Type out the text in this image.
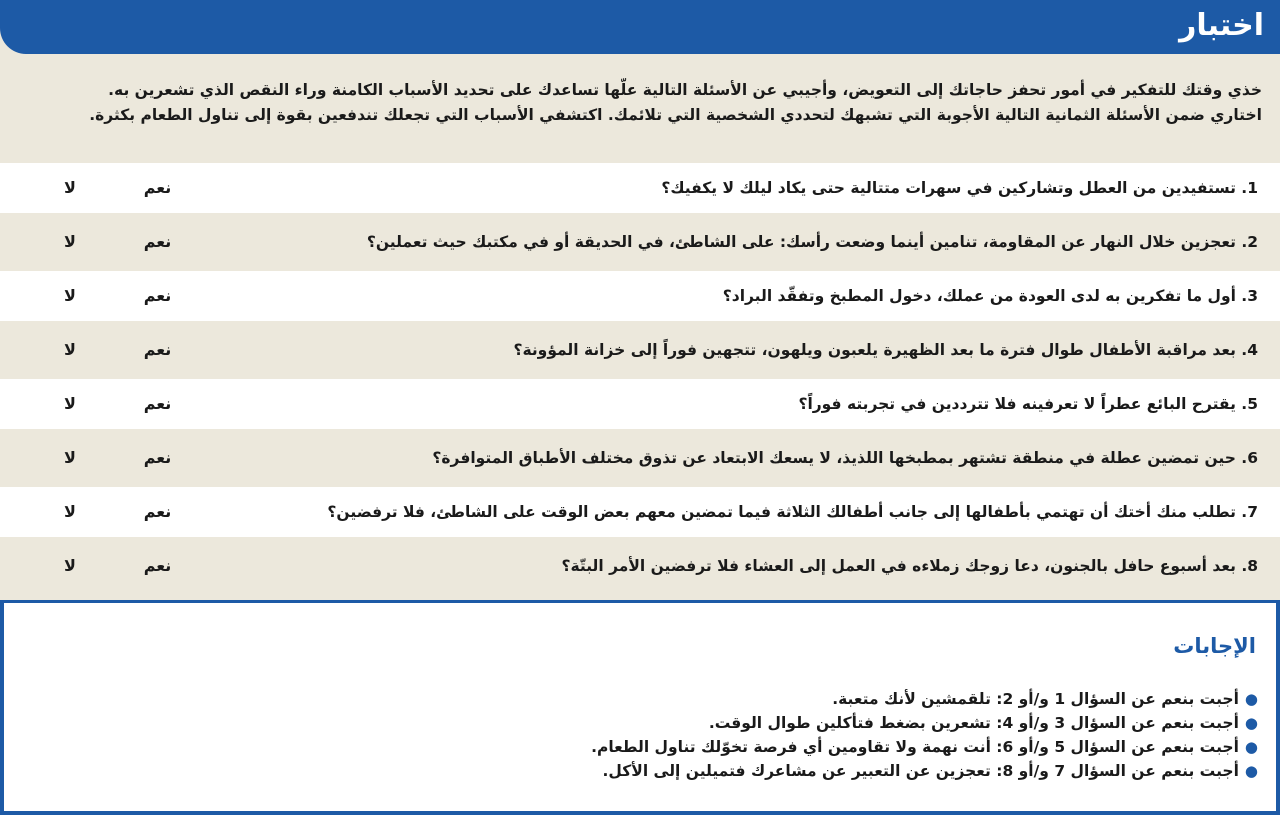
اختبار
خذي وقتك للتفكير في أمور تحفز حاجاتك إلى التعويض، وأجيبي عن الأسئلة التالية علّها تساعدك على تحديد الأسباب الكامنة وراء النقص الذي تشعرين به.
اختاري ضمن الأسئلة الثمانية التالية الأجوبة التي تشبهك لتحددي الشخصية التي تلائمك. اكتشفي الأسباب التي تجعلك تندفعين بقوة إلى تناول الطعام بكثرة.
1. تستفيدين من العطل وتشاركين في سهرات متتالية حتى يكاد ليلك لا يكفيك؟
نعم
لا
2. تعجزين خلال النهار عن المقاومة، تنامين أينما وضعت رأسك: على الشاطئ، في الحديقة أو في مكتبك حيث تعملين؟
نعم
لا
3. أول ما تفكرين به لدى العودة من عملك، دخول المطبخ وتفقّد البراد؟
نعم
لا
4. بعد مراقبة الأطفال طوال فترة ما بعد الظهيرة يلعبون ويلهون، تتجهين فوراً إلى خزانة المؤونة؟
نعم
لا
5. يقترح البائع عطراً لا تعرفينه فلا تترددين في تجربته فوراً؟
نعم
لا
6. حين تمضين عطلة في منطقة تشتهر بمطبخها اللذيذ، لا يسعك الابتعاد عن تذوق مختلف الأطباق المتوافرة؟
نعم
لا
7. تطلب منك أختك أن تهتمي بأطفالها إلى جانب أطفالك الثلاثة فيما تمضين معهم بعض الوقت على الشاطئ، فلا ترفضين؟
نعم
لا
8. بعد أسبوع حافل بالجنون، دعا زوجك زملاءه في العمل إلى العشاء فلا ترفضين الأمر البتّة؟
نعم
لا
الإجابات
●أجبت بنعم عن السؤال 1 و/أو 2: تلقمشين لأنك متعبة.
●أجبت بنعم عن السؤال 3 و/أو 4: تشعرين بضغط فتأكلين طوال الوقت.
●أجبت بنعم عن السؤال 5 و/أو 6: أنت نهمة ولا تقاومين أي فرصة تخوّلك تناول الطعام.
●أجبت بنعم عن السؤال 7 و/أو 8: تعجزين عن التعبير عن مشاعرك فتميلين إلى الأكل.
